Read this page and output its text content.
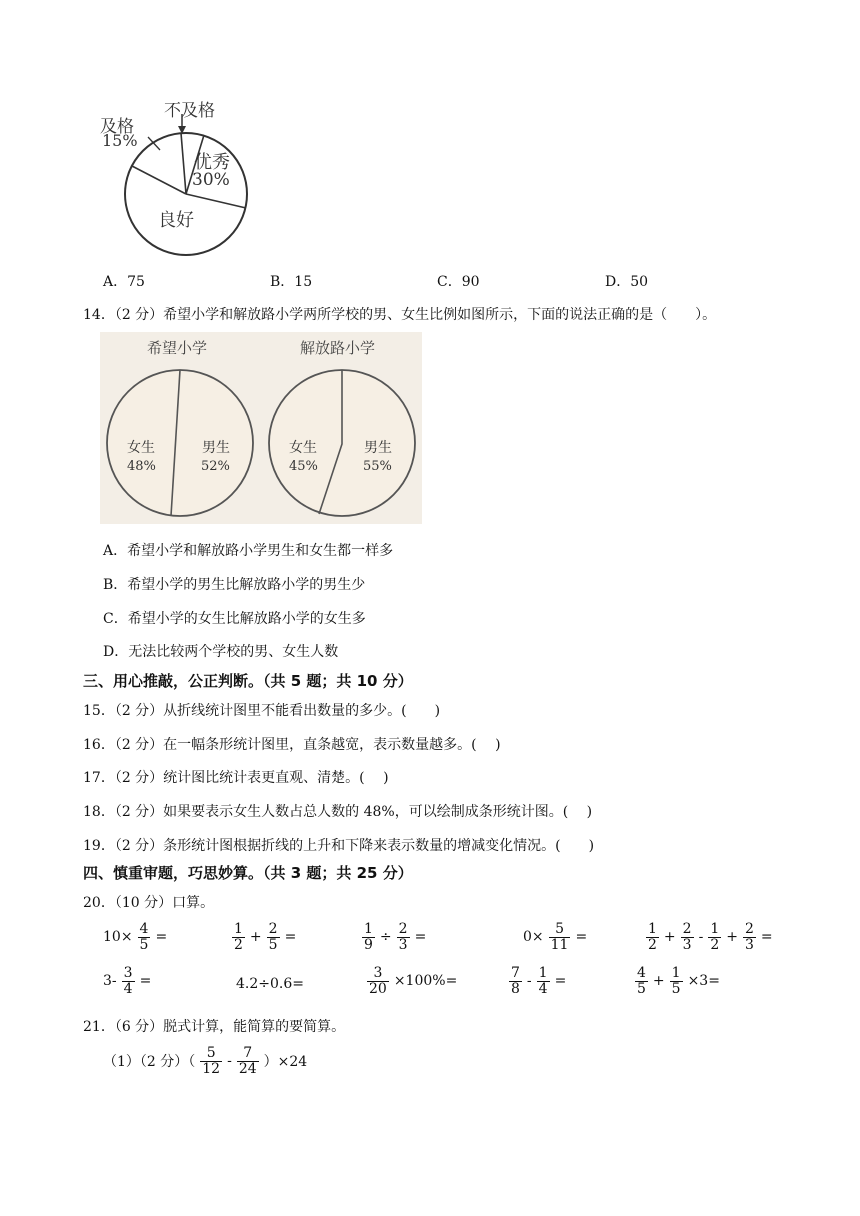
不及格
及格
15%
优秀
30%
良好
A．75	B．15	C．90	D．50
14．（2 分）希望小学和解放路小学两所学校的男、女生比例如图所示，下面的说法正确的是（　　）。
希望小学	解放路小学
女生
48%
男生
52%
女生
45%
男生
55%
A．希望小学和解放路小学男生和女生都一样多
B．希望小学的男生比解放路小学的男生少
C．希望小学的女生比解放路小学的女生多
D．无法比较两个学校的男、女生人数
三、用心推敲，公正判断。（共 5 题；共 10 分）
15．（2 分）从折线统计图里不能看出数量的多少。(　　)
16．（2 分）在一幅条形统计图里，直条越宽，表示数量越多。(　 )
17．（2 分）统计图比统计表更直观、清楚。(　 )
18．（2 分）如果要表示女生人数占总人数的 48%，可以绘制成条形统计图。(　 )
19．（2 分）条形统计图根据折线的上升和下降来表示数量的增减变化情况。(　　)
四、慎重审题，巧思妙算。（共 3 题；共 25 分）
20．（10 分）口算。
$10\times \frac{4}{5}$ =	$\frac{1}{2} + \frac{2}{5}$ =	$\frac{1}{9} \div \frac{2}{3}$ =	$0\times \frac{5}{11}$ =	$\frac{1}{2} + \frac{2}{3} - \frac{1}{2} + \frac{2}{3}$ =
$3- \frac{3}{4}$ =	4.2÷0.6=	$\frac{3}{20} \times 100\%=$	$\frac{7}{8} - \frac{1}{4}$ =	$\frac{4}{5} + \frac{1}{5} \times 3=$
21．（6 分）脱式计算，能简算的要简算。
（1）（2 分）（ $\frac{5}{12} - \frac{7}{24} )\times 24$
